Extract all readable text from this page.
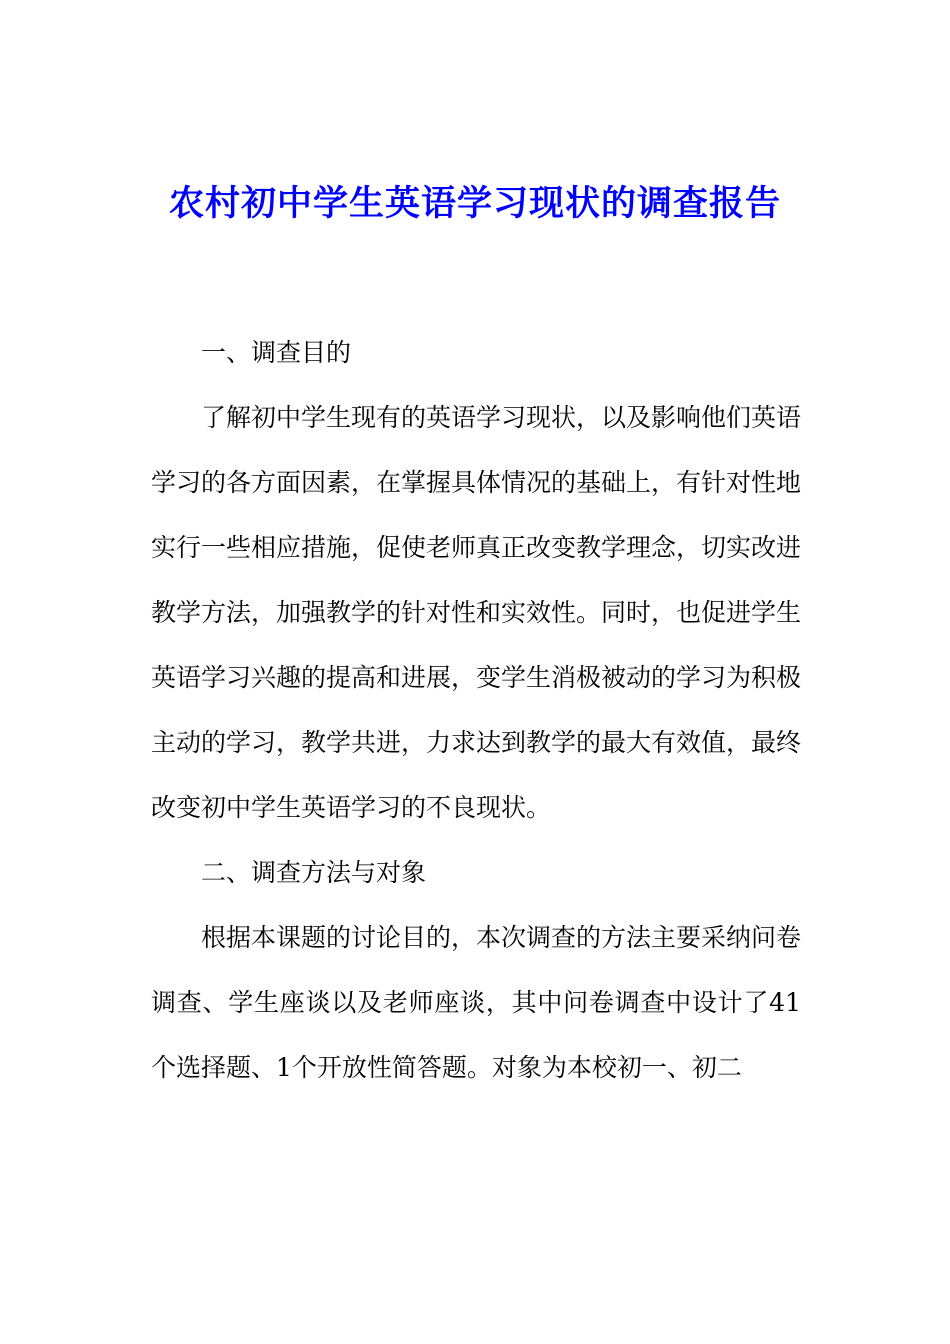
农村初中学生英语学习现状的调查报告

一、调查目的

了解初中学生现有的英语学习现状，以及影响他们英语学习的各方面因素，在掌握具体情况的基础上，有针对性地实行一些相应措施，促使老师真正改变教学理念，切实改进教学方法，加强教学的针对性和实效性。同时，也促进学生英语学习兴趣的提高和进展，变学生消极被动的学习为积极主动的学习，教学共进，力求达到教学的最大有效值，最终改变初中学生英语学习的不良现状。

二、调查方法与对象

根据本课题的讨论目的，本次调查的方法主要采纳问卷调查、学生座谈以及老师座谈，其中问卷调查中设计了41个选择题、1个开放性简答题。对象为本校初一、初二
